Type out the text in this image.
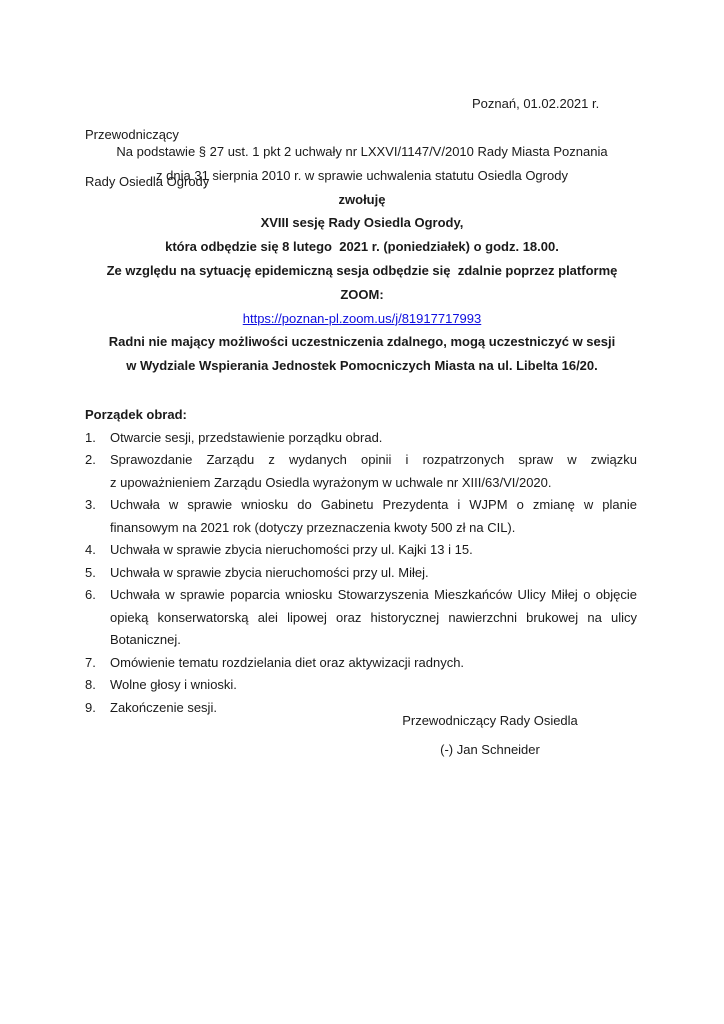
Przewodniczący

Rady Osiedla Ogrody

Poznań, 01.02.2021 r.
Na podstawie § 27 ust. 1 pkt 2 uchwały nr LXXVI/1147/V/2010 Rady Miasta Poznania
z dnia 31 sierpnia 2010 r. w sprawie uchwalenia statutu Osiedla Ogrody
zwołuję
XVIII sesję Rady Osiedla Ogrody,
która odbędzie się 8 lutego  2021 r. (poniedziałek) o godz. 18.00.
Ze względu na sytuację epidemiczną sesja odbędzie się  zdalnie poprzez platformę
ZOOM:
https://poznan-pl.zoom.us/j/81917717993
Radni nie mający możliwości uczestniczenia zdalnego, mogą uczestniczyć w sesji
w Wydziale Wspierania Jednostek Pomocniczych Miasta na ul. Libelta 16/20.
Porządek obrad:
1.	Otwarcie sesji, przedstawienie porządku obrad.
2.	Sprawozdanie Zarządu z wydanych opinii i rozpatrzonych spraw w związku
z upoważnieniem Zarządu Osiedla wyrażonym w uchwale nr XIII/63/VI/2020.
3.	Uchwała w sprawie wniosku do Gabinetu Prezydenta i WJPM o zmianę w planie
finansowym na 2021 rok (dotyczy przeznaczenia kwoty 500 zł na CIL).
4.	Uchwała w sprawie zbycia nieruchomości przy ul. Kajki 13 i 15.
5.	Uchwała w sprawie zbycia nieruchomości przy ul. Miłej.
6.	Uchwała w sprawie poparcia wniosku Stowarzyszenia Mieszkańców Ulicy Miłej o objęcie
opieką konserwatorską alei lipowej oraz historycznej nawierzchni brukowej na ulicy
Botanicznej.
7.	Omówienie tematu rozdzielania diet oraz aktywizacji radnych.
8.	Wolne głosy i wnioski.
9.	Zakończenie sesji.
Przewodniczący Rady Osiedla
(-) Jan Schneider
